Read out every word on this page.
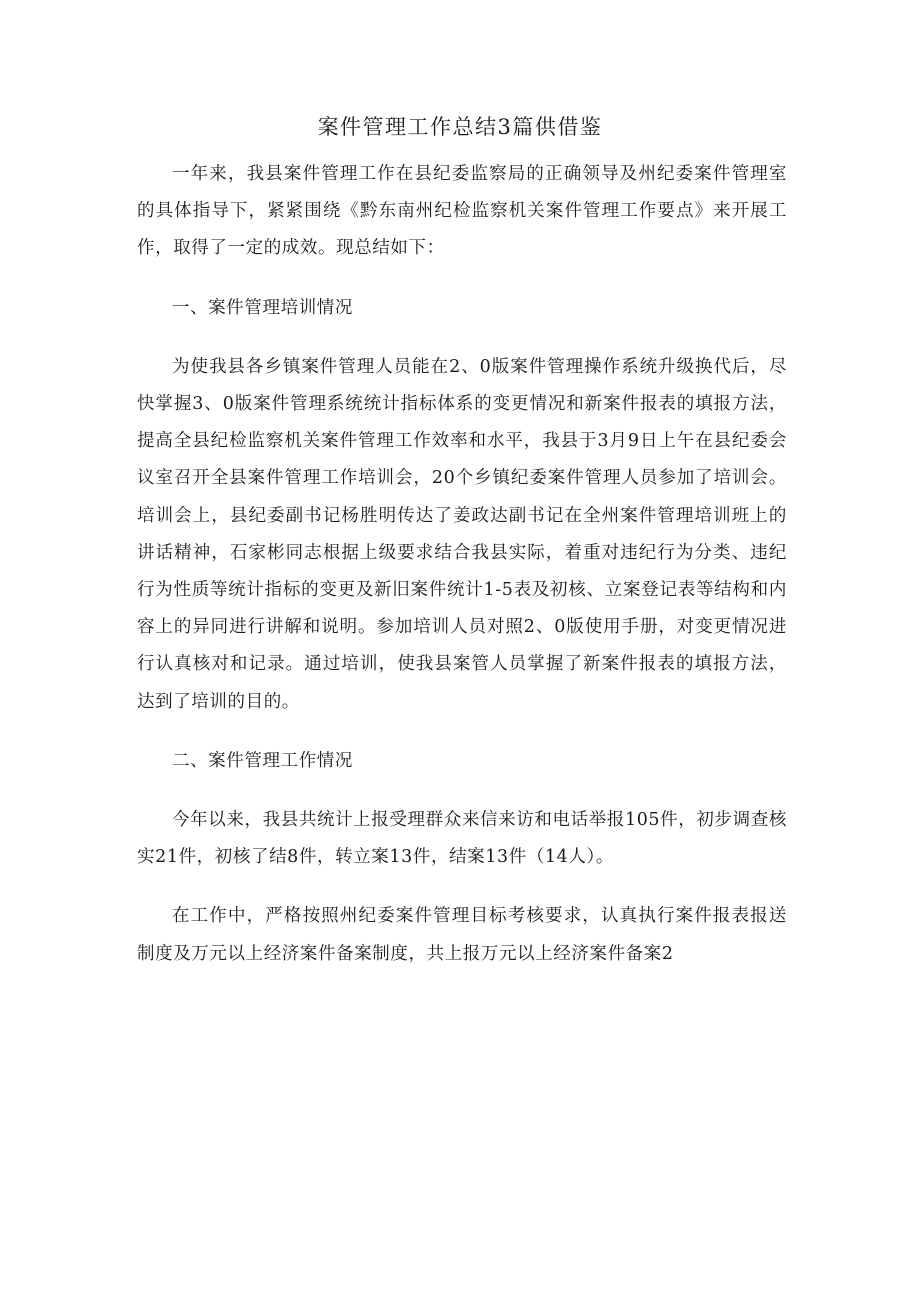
案件管理工作总结3篇供借鉴

一年来，我县案件管理工作在县纪委监察局的正确领导及州纪委案件管理室的具体指导下，紧紧围绕《黔东南州纪检监察机关案件管理工作要点》来开展工作，取得了一定的成效。现总结如下：

一、案件管理培训情况

为使我县各乡镇案件管理人员能在2、0版案件管理操作系统升级换代后，尽快掌握3、0版案件管理系统统计指标体系的变更情况和新案件报表的填报方法，提高全县纪检监察机关案件管理工作效率和水平，我县于3月9日上午在县纪委会议室召开全县案件管理工作培训会，20个乡镇纪委案件管理人员参加了培训会。培训会上，县纪委副书记杨胜明传达了姜政达副书记在全州案件管理培训班上的讲话精神，石家彬同志根据上级要求结合我县实际，着重对违纪行为分类、违纪行为性质等统计指标的变更及新旧案件统计1-5表及初核、立案登记表等结构和内容上的异同进行讲解和说明。参加培训人员对照2、0版使用手册，对变更情况进行认真核对和记录。通过培训，使我县案管人员掌握了新案件报表的填报方法，达到了培训的目的。

二、案件管理工作情况

今年以来，我县共统计上报受理群众来信来访和电话举报105件，初步调查核实21件，初核了结8件，转立案13件，结案13件（14人）。

在工作中，严格按照州纪委案件管理目标考核要求，认真执行案件报表报送制度及万元以上经济案件备案制度，共上报万元以上经济案件备案2
